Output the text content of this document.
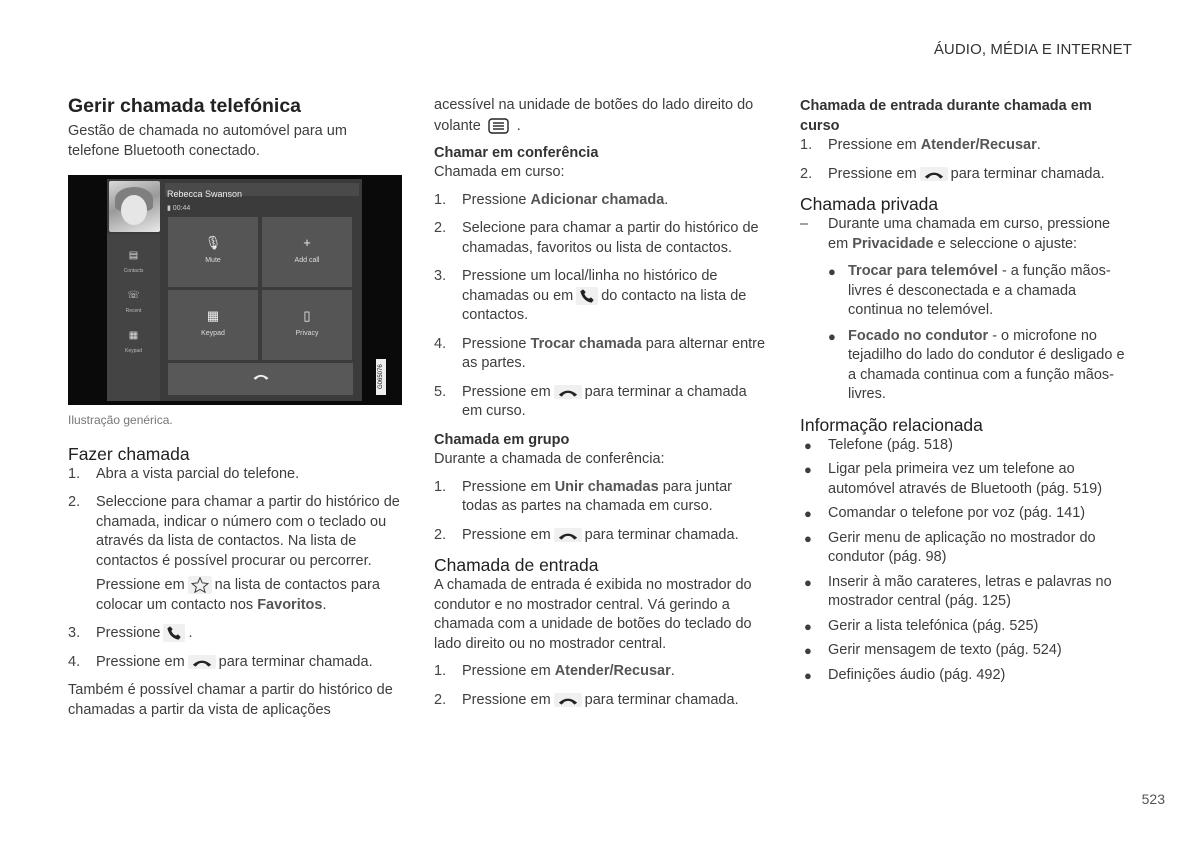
ÁUDIO, MÉDIA E INTERNET
523

Gerir chamada telefónica

Gestão de chamada no automóvel para um telefone Bluetooth conectado.

Rebecca Swanson
▮ 00:44
▤
Contacts
☏
Recent
▦
Keypad
🎙
Mute
+
Add call
▦
Keypad
▯
Privacy
G065076
Ilustração genérica.

Fazer chamada

1. Abra a vista parcial do telefone.
2. Seleccione para chamar a partir do histórico de chamada, indicar o número com o teclado ou através da lista de contactos. Na lista de contactos é possível procurar ou percorrer.
Pressione em na lista de contactos para colocar um contacto nos Favoritos.
3. Pressione .
4. Pressione em para terminar chamada.

Também é possível chamar a partir do histórico de chamadas a partir da vista de aplicações

acessível na unidade de botões do lado direito do volante .

Chamar em conferência

Chamada em curso:

1. Pressione Adicionar chamada.
2. Selecione para chamar a partir do histórico de chamadas, favoritos ou lista de contactos.
3. Pressione um local/linha no histórico de chamadas ou em do contacto na lista de contactos.
4. Pressione Trocar chamada para alternar entre as partes.
5. Pressione em para terminar a chamada em curso.

Chamada em grupo

Durante a chamada de conferência:

1. Pressione em Unir chamadas para juntar todas as partes na chamada em curso.
2. Pressione em para terminar chamada.

Chamada de entrada

A chamada de entrada é exibida no mostrador do condutor e no mostrador central. Vá gerindo a chamada com a unidade de botões do teclado do lado direito ou no mostrador central.

1. Pressione em Atender/Recusar.
2. Pressione em para terminar chamada.

Chamada de entrada durante chamada em curso

1. Pressione em Atender/Recusar.
2. Pressione em para terminar chamada.

Chamada privada

– Durante uma chamada em curso, pressione em Privacidade e seleccione o ajuste:
● Trocar para telemóvel - a função mãos-livres é desconectada e a chamada continua no telemóvel.
● Focado no condutor - o microfone no tejadilho do lado do condutor é desligado e a chamada continua com a função mãos-livres.

Informação relacionada

● Telefone (pág. 518)
● Ligar pela primeira vez um telefone ao automóvel através de Bluetooth (pág. 519)
● Comandar o telefone por voz (pág. 141)
● Gerir menu de aplicação no mostrador do condutor (pág. 98)
● Inserir à mão carateres, letras e palavras no mostrador central (pág. 125)
● Gerir a lista telefónica (pág. 525)
● Gerir mensagem de texto (pág. 524)
● Definições áudio (pág. 492)
